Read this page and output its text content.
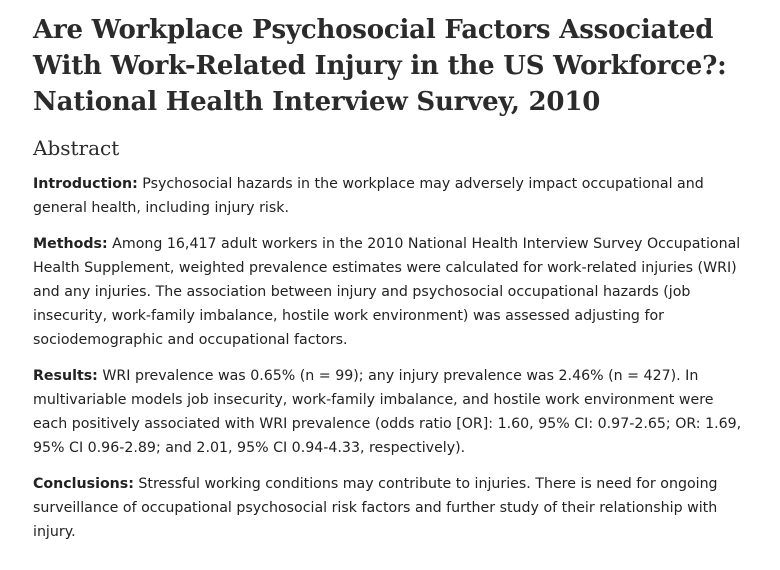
Are Workplace Psychosocial Factors Associated With Work-Related Injury in the US Workforce?: National Health Interview Survey, 2010
Abstract

Introduction: Psychosocial hazards in the workplace may adversely impact occupational and general health, including injury risk.

Methods: Among 16,417 adult workers in the 2010 National Health Interview Survey Occupational Health Supplement, weighted prevalence estimates were calculated for work-related injuries (WRI) and any injuries. The association between injury and psychosocial occupational hazards (job insecurity, work-family imbalance, hostile work environment) was assessed adjusting for sociodemographic and occupational factors.

Results: WRI prevalence was 0.65% (n = 99); any injury prevalence was 2.46% (n = 427). In multivariable models job insecurity, work-family imbalance, and hostile work environment were each positively associated with WRI prevalence (odds ratio [OR]: 1.60, 95% CI: 0.97-2.65; OR: 1.69, 95% CI 0.96-2.89; and 2.01, 95% CI 0.94-4.33, respectively).

Conclusions: Stressful working conditions may contribute to injuries. There is need for ongoing surveillance of occupational psychosocial risk factors and further study of their relationship with injury.
